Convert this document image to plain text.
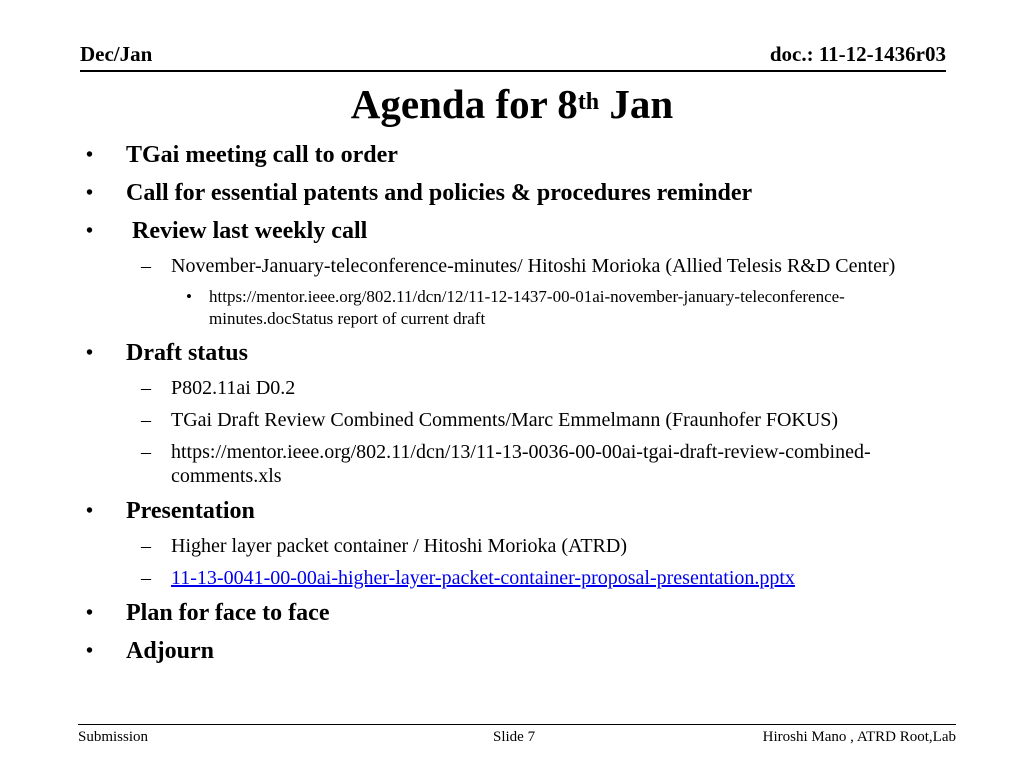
Dec/Jan	doc.: 11-12-1436r03
Agenda for 8th Jan
• TGai meeting call to order
• Call for essential patents and policies & procedures reminder
• Review last weekly call
– November-January-teleconference-minutes/ Hitoshi Morioka (Allied Telesis R&D Center)
• https://mentor.ieee.org/802.11/dcn/12/11-12-1437-00-01ai-november-january-teleconference-minutes.docStatus report of current draft
• Draft status
– P802.11ai D0.2
– TGai Draft Review Combined Comments/Marc Emmelmann (Fraunhofer FOKUS)
– https://mentor.ieee.org/802.11/dcn/13/11-13-0036-00-00ai-tgai-draft-review-combined-comments.xls
• Presentation
– Higher layer packet container / Hitoshi Morioka (ATRD)
– 11-13-0041-00-00ai-higher-layer-packet-container-proposal-presentation.pptx
• Plan for face to face
• Adjourn
Submission	Slide 7	Hiroshi Mano , ATRD Root,Lab
